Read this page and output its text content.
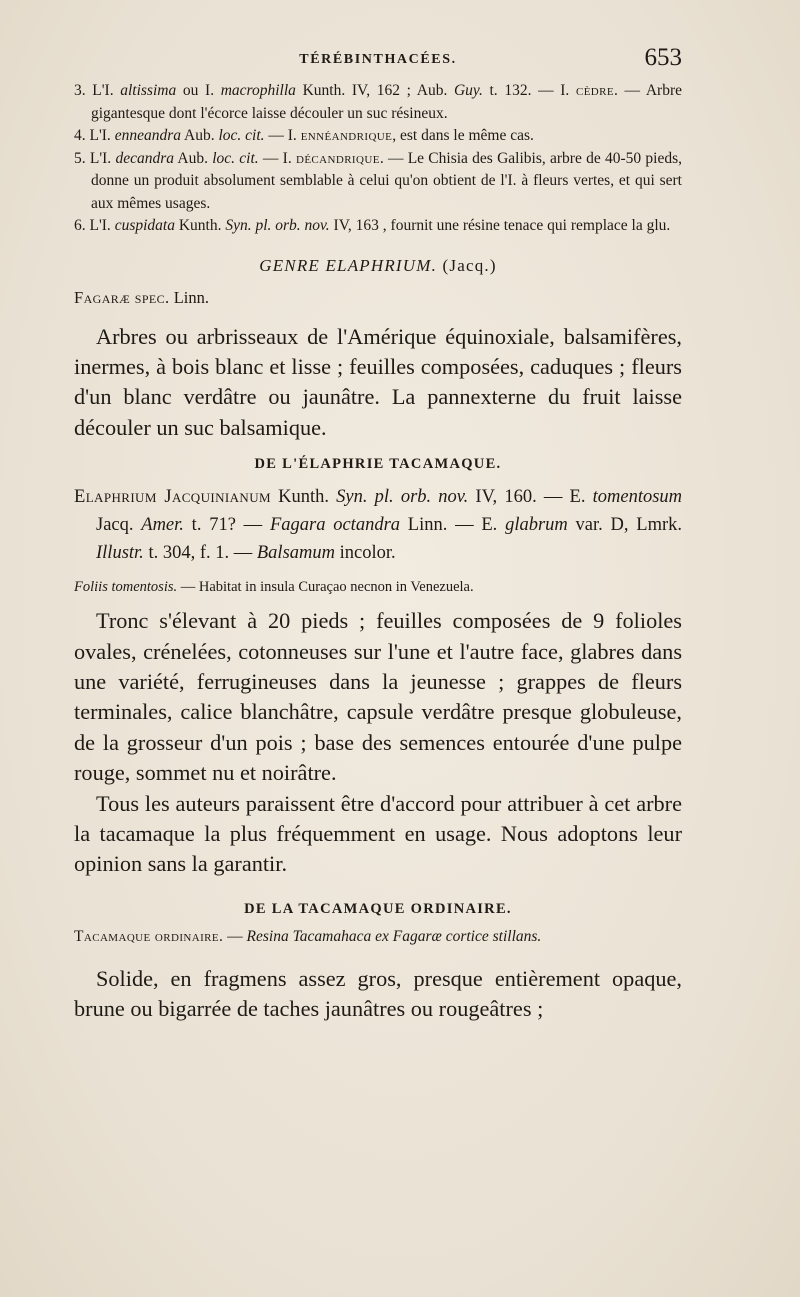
TÉRÉBINTHACÉES.	653

3. L'I. altissima ou I. macrophilla Kunth. IV, 162 ; Aub. Guy. t. 132. — I. cèdre. — Arbre gigantesque dont l'écorce laisse découler un suc résineux.

4. L'I. enneandra Aub. loc. cit. — I. ennéandrique, est dans le même cas.

5. L'I. decandra Aub. loc. cit. — I. décandrique. — Le Chisia des Galibis, arbre de 40-50 pieds, donne un produit absolument semblable à celui qu'on obtient de l'I. à fleurs vertes, et qui sert aux mêmes usages.

6. L'I. cuspidata Kunth. Syn. pl. orb. nov. IV, 163 , fournit une résine tenace qui remplace la glu.

GENRE ELAPHRIUM. (Jacq.)

Fagaræ spec. Linn.

Arbres ou arbrisseaux de l'Amérique équinoxiale, balsamifères, inermes, à bois blanc et lisse ; feuilles composées, caduques ; fleurs d'un blanc verdâtre ou jaunâtre. La pannexterne du fruit laisse découler un suc balsamique.

DE L'ÉLAPHRIE TACAMAQUE.

Elaphrium Jacquinianum Kunth. Syn. pl. orb. nov. IV, 160. — E. tomentosum Jacq. Amer. t. 71? — Fagara octandra Linn. — E. glabrum var. D, Lmrk. Illustr. t. 304, f. 1. — Balsamum incolor.

Foliis tomentosis. — Habitat in insula Curaçao necnon in Venezuela.

Tronc s'élevant à 20 pieds ; feuilles composées de 9 folioles ovales, crénelées, cotonneuses sur l'une et l'autre face, glabres dans une variété, ferrugineuses dans la jeunesse ; grappes de fleurs terminales, calice blanchâtre, capsule verdâtre presque globuleuse, de la grosseur d'un pois ; base des semences entourée d'une pulpe rouge, sommet nu et noirâtre.

Tous les auteurs paraissent être d'accord pour attribuer à cet arbre la tacamaque la plus fréquemment en usage. Nous adoptons leur opinion sans la garantir.

DE LA TACAMAQUE ORDINAIRE.

Tacamaque ordinaire. — Resina Tacamahaca ex Fagaræ cortice stillans.

Solide, en fragmens assez gros, presque entièrement opaque, brune ou bigarrée de taches jaunâtres ou rougeâtres ;
